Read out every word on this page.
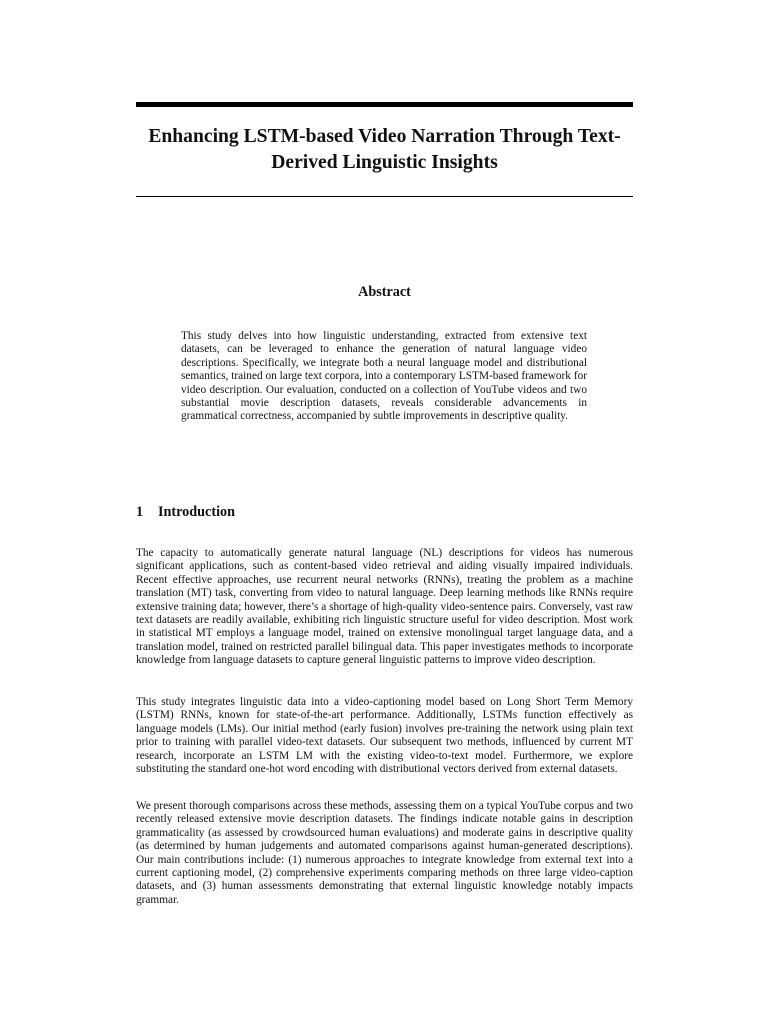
Enhancing LSTM-based Video Narration Through Text-Derived Linguistic Insights
Abstract

This study delves into how linguistic understanding, extracted from extensive text datasets, can be leveraged to enhance the generation of natural language video descriptions. Specifically, we integrate both a neural language model and distributional semantics, trained on large text corpora, into a contemporary LSTM-based framework for video description. Our evaluation, conducted on a collection of YouTube videos and two substantial movie description datasets, reveals considerable advancements in grammatical correctness, accompanied by subtle improvements in descriptive quality.

1 Introduction

The capacity to automatically generate natural language (NL) descriptions for videos has numerous significant applications, such as content-based video retrieval and aiding visually impaired individuals. Recent effective approaches, use recurrent neural networks (RNNs), treating the problem as a machine translation (MT) task, converting from video to natural language. Deep learning methods like RNNs require extensive training data; however, there’s a shortage of high-quality video-sentence pairs. Conversely, vast raw text datasets are readily available, exhibiting rich linguistic structure useful for video description. Most work in statistical MT employs a language model, trained on extensive monolingual target language data, and a translation model, trained on restricted parallel bilingual data. This paper investigates methods to incorporate knowledge from language datasets to capture general linguistic patterns to improve video description.

This study integrates linguistic data into a video-captioning model based on Long Short Term Memory (LSTM) RNNs, known for state-of-the-art performance. Additionally, LSTMs function effectively as language models (LMs). Our initial method (early fusion) involves pre-training the network using plain text prior to training with parallel video-text datasets. Our subsequent two methods, influenced by current MT research, incorporate an LSTM LM with the existing video-to-text model. Furthermore, we explore substituting the standard one-hot word encoding with distributional vectors derived from external datasets.

We present thorough comparisons across these methods, assessing them on a typical YouTube corpus and two recently released extensive movie description datasets. The findings indicate notable gains in description grammaticality (as assessed by crowdsourced human evaluations) and moderate gains in descriptive quality (as determined by human judgements and automated comparisons against human-generated descriptions). Our main contributions include: (1) numerous approaches to integrate knowledge from external text into a current captioning model, (2) comprehensive experiments comparing methods on three large video-caption datasets, and (3) human assessments demonstrating that external linguistic knowledge notably impacts grammar.
